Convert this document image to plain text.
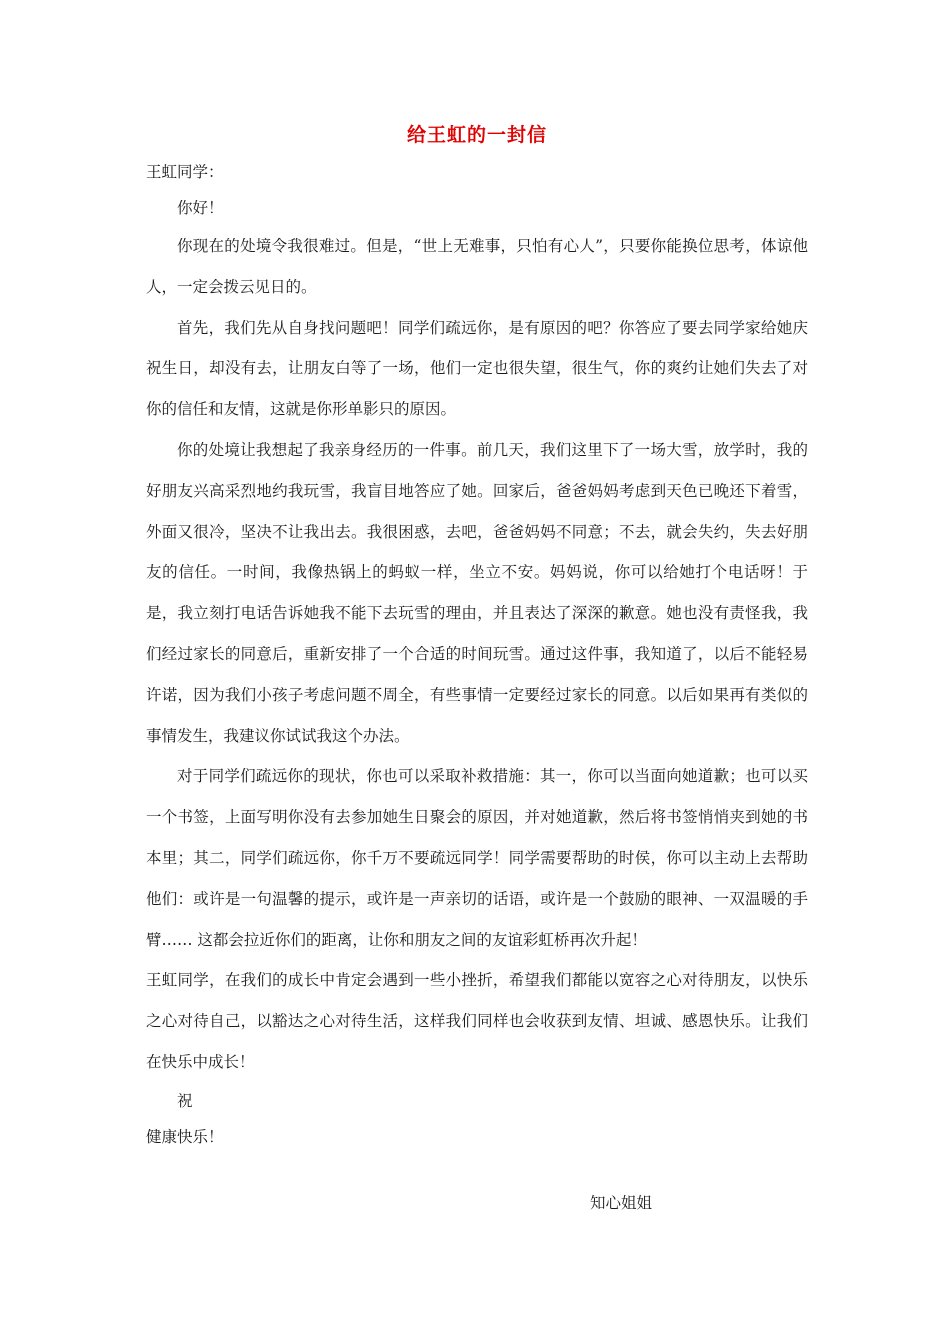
给王虹的一封信

王虹同学：

你好！

你现在的处境令我很难过。但是，“世上无难事，只怕有心人”，只要你能换位思考，体谅他人，一定会拨云见日的。

首先，我们先从自身找问题吧！同学们疏远你，是有原因的吧？你答应了要去同学家给她庆祝生日，却没有去，让朋友白等了一场，他们一定也很失望，很生气，你的爽约让她们失去了对你的信任和友情，这就是你形单影只的原因。

你的处境让我想起了我亲身经历的一件事。前几天，我们这里下了一场大雪，放学时，我的好朋友兴高采烈地约我玩雪，我盲目地答应了她。回家后，爸爸妈妈考虑到天色已晚还下着雪，外面又很冷，坚决不让我出去。我很困惑，去吧，爸爸妈妈不同意；不去，就会失约，失去好朋友的信任。一时间，我像热锅上的蚂蚁一样，坐立不安。妈妈说，你可以给她打个电话呀！于是，我立刻打电话告诉她我不能下去玩雪的理由，并且表达了深深的歉意。她也没有责怪我，我们经过家长的同意后，重新安排了一个合适的时间玩雪。通过这件事，我知道了，以后不能轻易许诺，因为我们小孩子考虑问题不周全，有些事情一定要经过家长的同意。以后如果再有类似的事情发生，我建议你试试我这个办法。

对于同学们疏远你的现状，你也可以采取补救措施：其一，你可以当面向她道歉；也可以买一个书签，上面写明你没有去参加她生日聚会的原因，并对她道歉，然后将书签悄悄夹到她的书本里；其二，同学们疏远你，你千万不要疏远同学！同学需要帮助的时侯，你可以主动上去帮助他们：或许是一句温馨的提示，或许是一声亲切的话语，或许是一个鼓励的眼神、一双温暖的手臂…… 这都会拉近你们的距离，让你和朋友之间的友谊彩虹桥再次升起！

王虹同学，在我们的成长中肯定会遇到一些小挫折，希望我们都能以宽容之心对待朋友，以快乐之心对待自己，以豁达之心对待生活，这样我们同样也会收获到友情、坦诚、感恩快乐。让我们在快乐中成长！

祝

健康快乐！

知心姐姐
